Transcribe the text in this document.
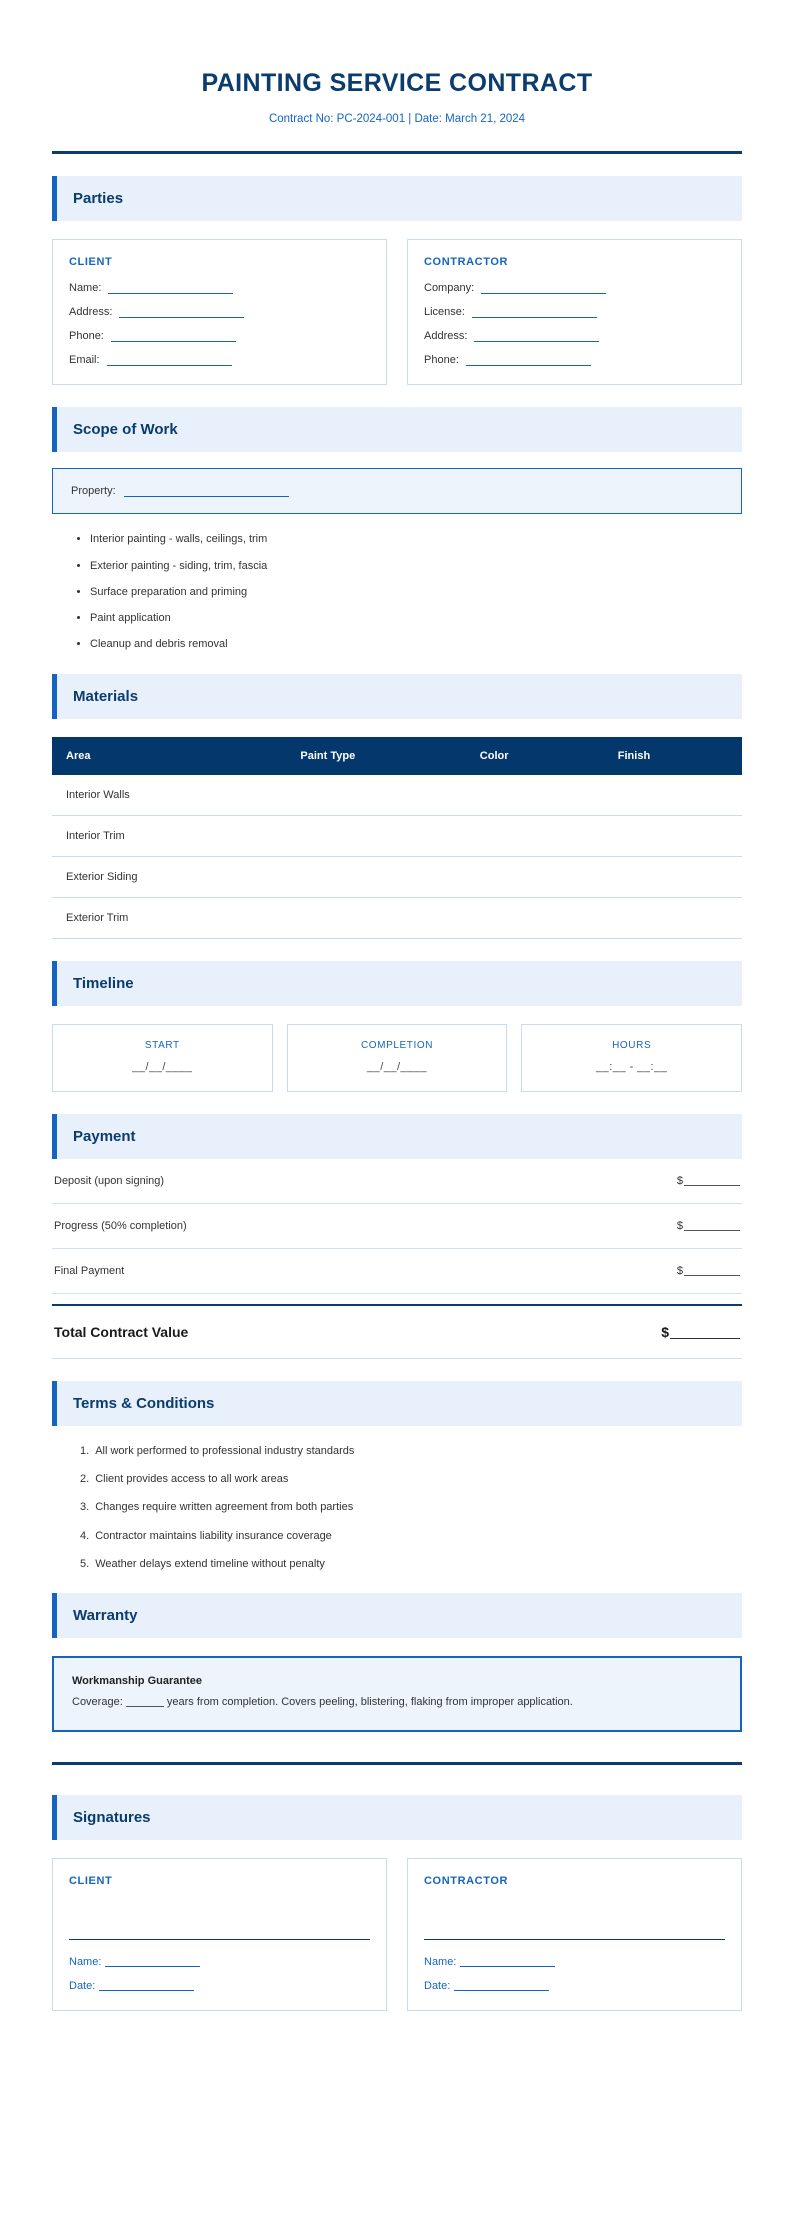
PAINTING SERVICE CONTRACT
Contract No: PC-2024-001 | Date: March 21, 2024
Parties
CLIENT
Name:
Address:
Phone:
Email:
CONTRACTOR
Company:
License:
Address:
Phone:
Scope of Work
Property:
• Interior painting - walls, ceilings, trim
• Exterior painting - siding, trim, fascia
• Surface preparation and priming
• Paint application
• Cleanup and debris removal
Materials
Area	Paint Type	Color	Finish
Interior Walls			
Interior Trim			
Exterior Siding			
Exterior Trim			
Timeline
START
__/__/____
COMPLETION
__/__/____
HOURS
__:__ - __:__
Payment
Deposit (upon signing)	$
Progress (50% completion)	$
Final Payment	$
Total Contract Value	$
Terms & Conditions
1. All work performed to professional industry standards
2. Client provides access to all work areas
3. Changes require written agreement from both parties
4. Contractor maintains liability insurance coverage
5. Weather delays extend timeline without penalty
Warranty
Workmanship Guarantee
Coverage:	years from completion. Covers peeling, blistering, flaking from improper application.
Signatures
CLIENT
Name:
Date:
CONTRACTOR
Name:
Date:
